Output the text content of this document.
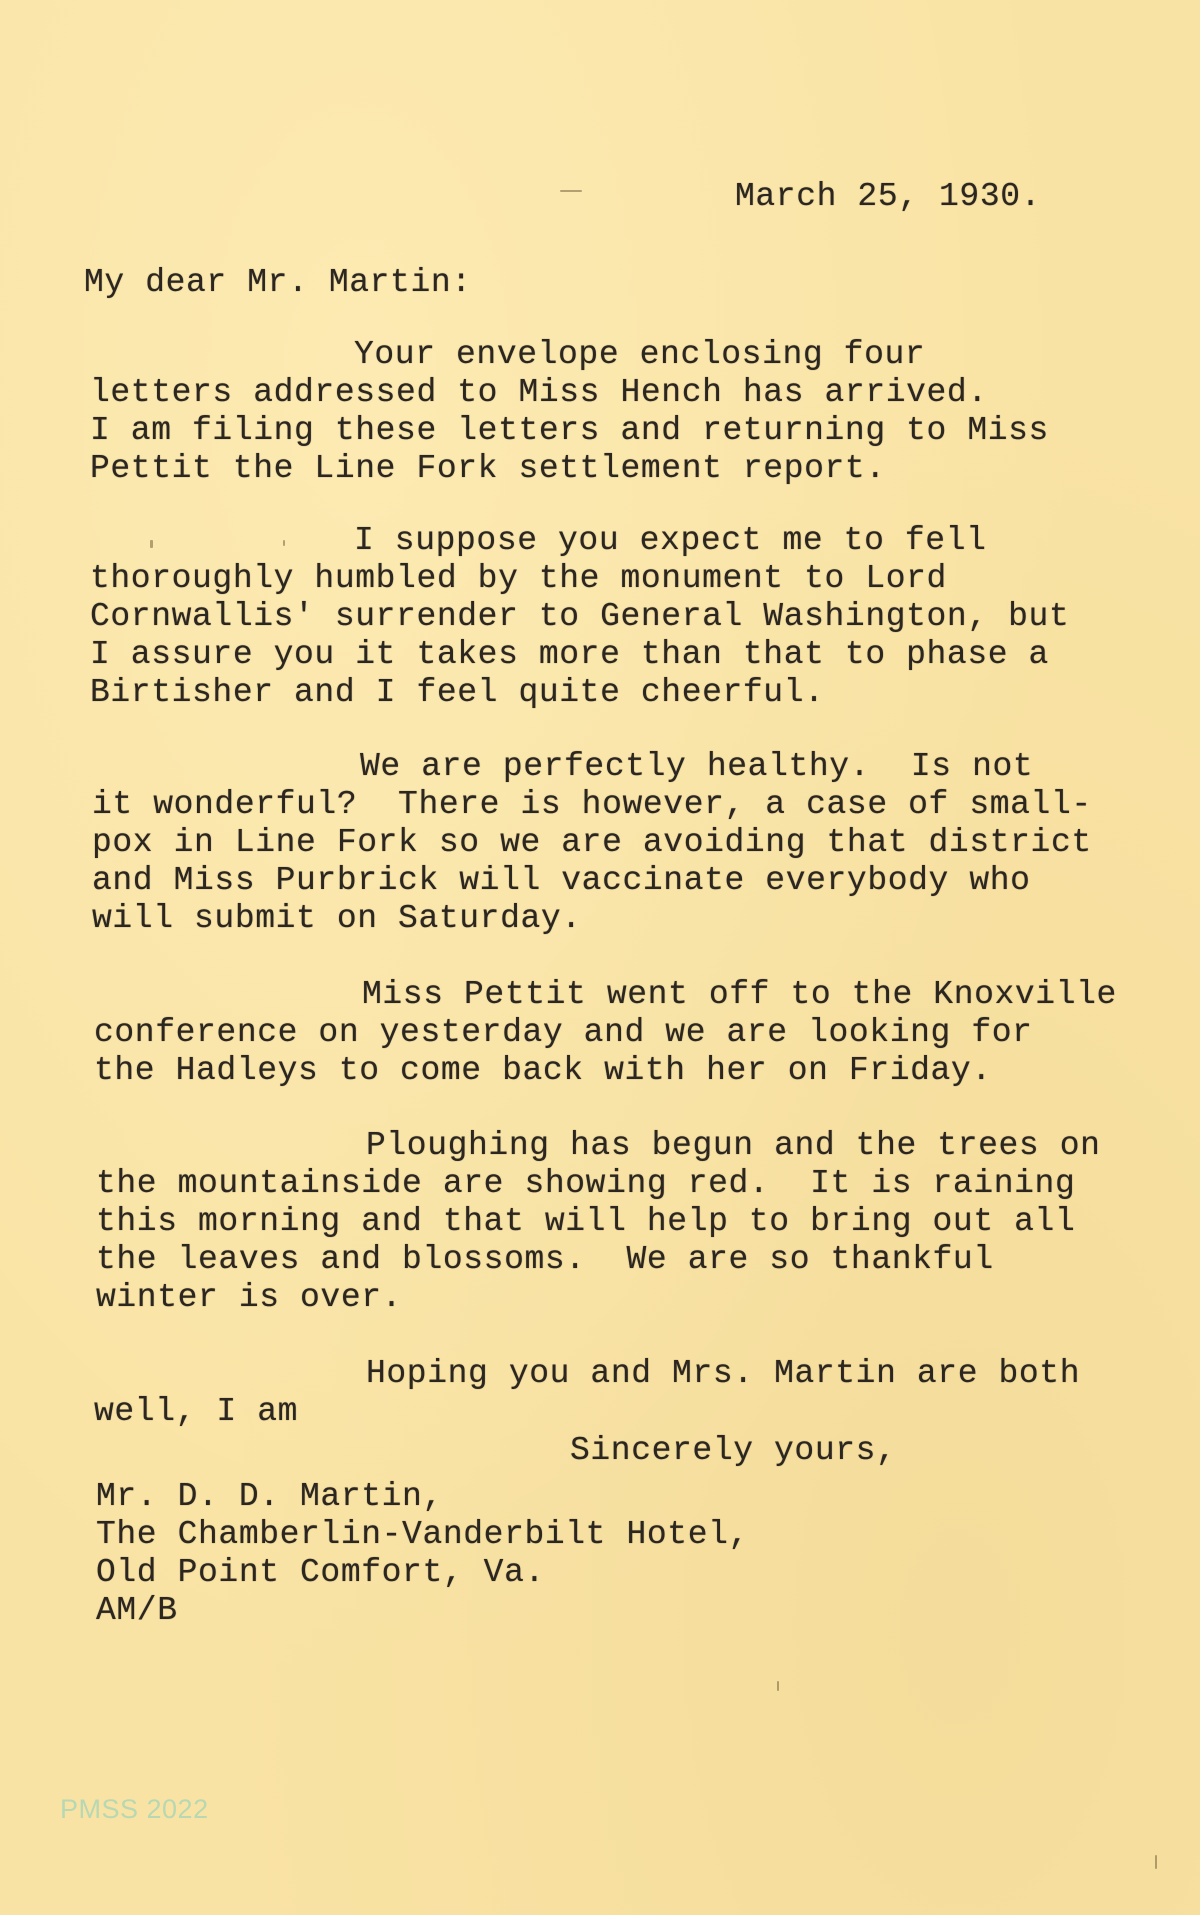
March 25, 1930.
My dear Mr. Martin:
Your envelope enclosing four
letters addressed to Miss Hench has arrived.
I am filing these letters and returning to Miss
Pettit the Line Fork settlement report.
I suppose you expect me to fell
thoroughly humbled by the monument to Lord
Cornwallis' surrender to General Washington, but
I assure you it takes more than that to phase a
Birtisher and I feel quite cheerful.
We are perfectly healthy.  Is not
it wonderful?  There is however, a case of small-
pox in Line Fork so we are avoiding that district
and Miss Purbrick will vaccinate everybody who
will submit on Saturday.
Miss Pettit went off to the Knoxville
conference on yesterday and we are looking for
the Hadleys to come back with her on Friday.
Ploughing has begun and the trees on
the mountainside are showing red.  It is raining
this morning and that will help to bring out all
the leaves and blossoms.  We are so thankful
winter is over.
Hoping you and Mrs. Martin are both
well, I am
Sincerely yours,
Mr. D. D. Martin,
The Chamberlin-Vanderbilt Hotel,
Old Point Comfort, Va.
AM/B
PMSS 2022
